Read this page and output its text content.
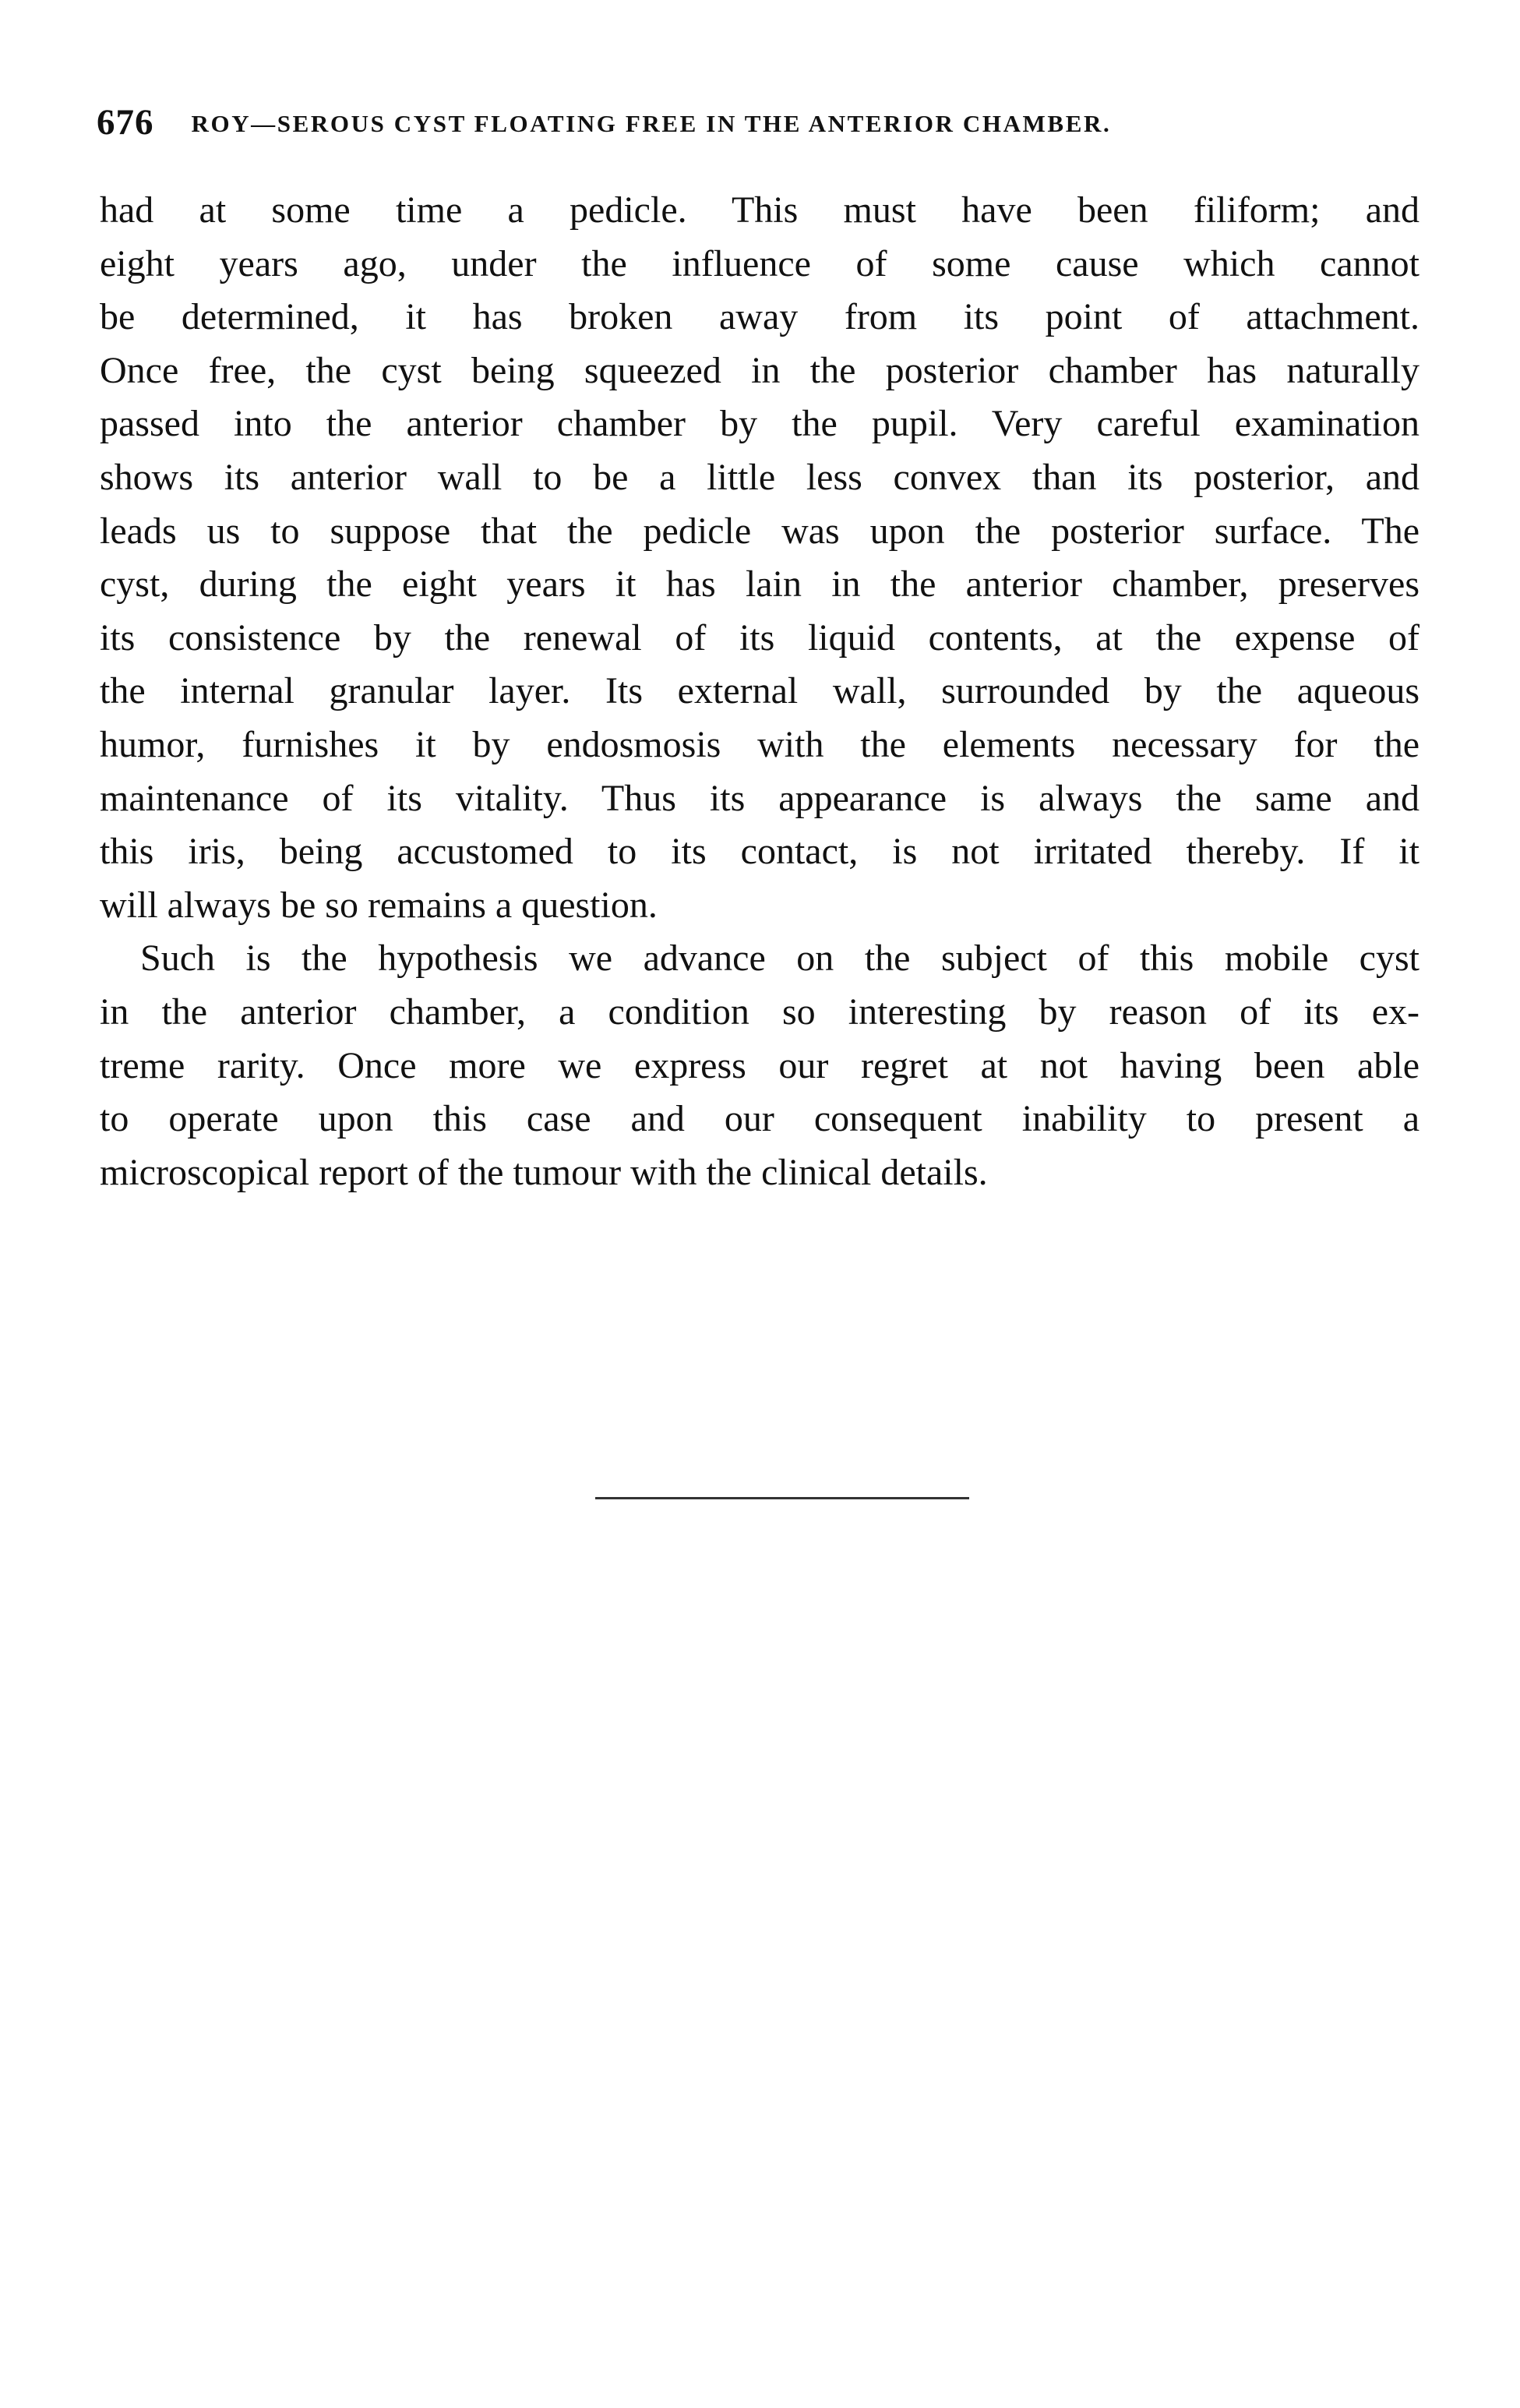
676 ROY—SEROUS CYST FLOATING FREE IN THE ANTERIOR CHAMBER.
had at some time a pedicle. This must have been filiform; and
eight years ago, under the influence of some cause which cannot
be determined, it has broken away from its point of attachment.
Once free, the cyst being squeezed in the posterior chamber has naturally
passed into the anterior chamber by the pupil. Very careful examination
shows its anterior wall to be a little less convex than its posterior, and
leads us to suppose that the pedicle was upon the posterior surface. The
cyst, during the eight years it has lain in the anterior chamber, preserves
its consistence by the renewal of its liquid contents, at the expense of
the internal granular layer. Its external wall, surrounded by the aqueous
humor, furnishes it by endosmosis with the elements necessary for the
maintenance of its vitality. Thus its appearance is always the same and
this iris, being accustomed to its contact, is not irritated thereby. If it
will always be so remains a question.
Such is the hypothesis we advance on the subject of this mobile cyst
in the anterior chamber, a condition so interesting by reason of its ex-
treme rarity. Once more we express our regret at not having been able
to operate upon this case and our consequent inability to present a
microscopical report of the tumour with the clinical details.
